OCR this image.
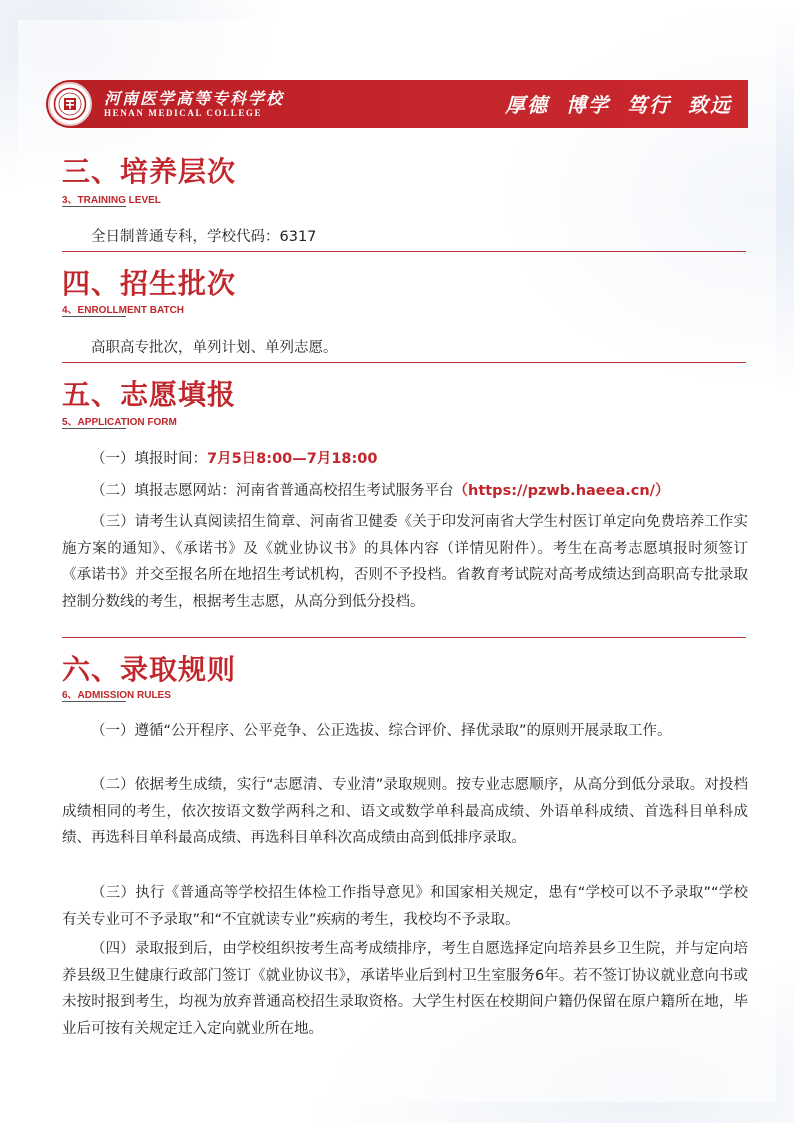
河南医学高等专科学校
HENAN MEDICAL COLLEGE	厚德 博学 笃行 致远
三、培养层次
3、TRAINING LEVEL
全日制普通专科，学校代码：6317
四、招生批次
4、ENROLLMENT BATCH
高职高专批次，单列计划、单列志愿。
五、志愿填报
5、APPLICATION FORM
（一）填报时间：7月5日8:00—7月18:00
（二）填报志愿网站：河南省普通高校招生考试服务平台（https://pzwb.haeea.cn/）
（三）请考生认真阅读招生简章、河南省卫健委《关于印发河南省大学生村医订单定向免费培养工作实施方案的通知》、《承诺书》及《就业协议书》的具体内容（详情见附件）。考生在高考志愿填报时须签订《承诺书》并交至报名所在地招生考试机构，否则不予投档。省教育考试院对高考成绩达到高职高专批录取控制分数线的考生，根据考生志愿，从高分到低分投档。
六、录取规则
6、ADMISSION RULES
（一）遵循“公开程序、公平竞争、公正选拔、综合评价、择优录取”的原则开展录取工作。
（二）依据考生成绩，实行“志愿清、专业清”录取规则。按专业志愿顺序，从高分到低分录取。对投档成绩相同的考生，依次按语文数学两科之和、语文或数学单科最高成绩、外语单科成绩、首选科目单科成绩、再选科目单科最高成绩、再选科目单科次高成绩由高到低排序录取。
（三）执行《普通高等学校招生体检工作指导意见》和国家相关规定，患有“学校可以不予录取”“学校有关专业可不予录取”和“不宜就读专业”疾病的考生，我校均不予录取。
（四）录取报到后，由学校组织按考生高考成绩排序，考生自愿选择定向培养县乡卫生院，并与定向培养县级卫生健康行政部门签订《就业协议书》，承诺毕业后到村卫生室服务6年。若不签订协议就业意向书或未按时报到考生，均视为放弃普通高校招生录取资格。大学生村医在校期间户籍仍保留在原户籍所在地，毕业后可按有关规定迁入定向就业所在地。
